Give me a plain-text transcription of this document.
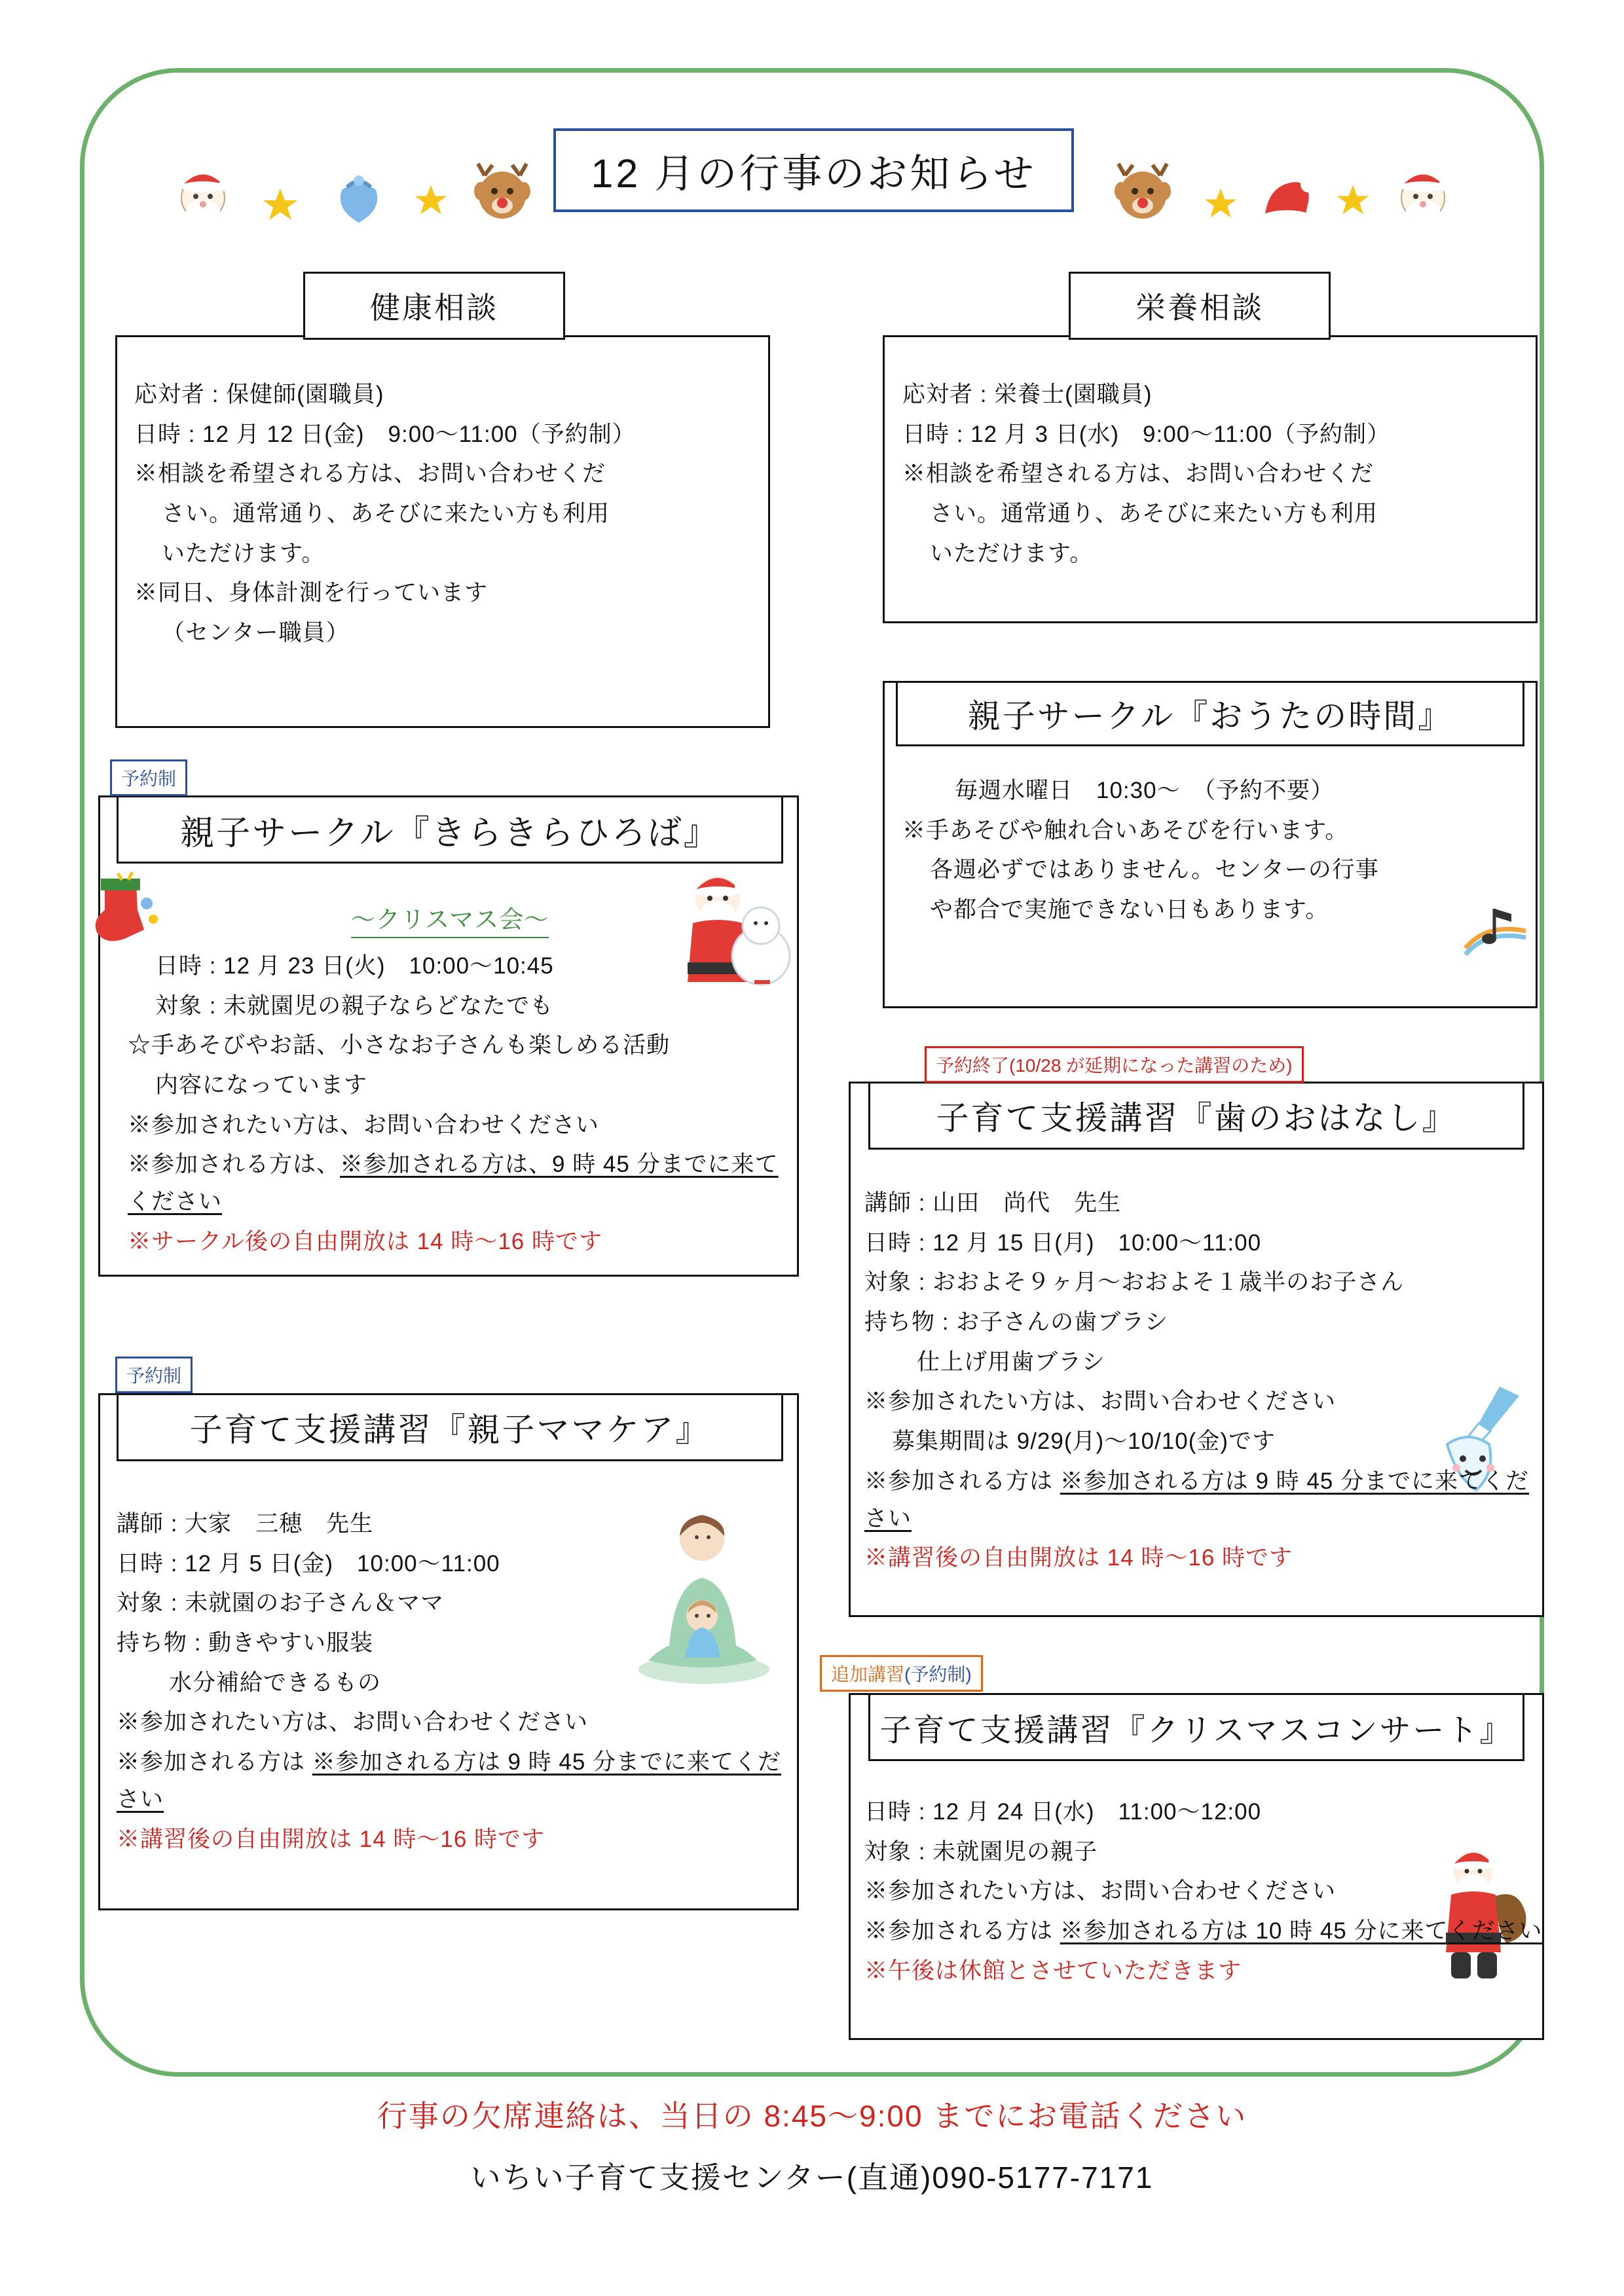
12 月の行事のお知らせ
健康相談

応対者 : 保健師(園職員)

日時 : 12 月 12 日(金)　9:00～11:00（予約制）

※相談を希望される方は、お問い合わせくだ

さい。通常通り、あそびに来たい方も利用

いただけます。

※同日、身体計測を行っています

（センター職員）

栄養相談

応対者 : 栄養士(園職員)

日時 : 12 月 3 日(水)　9:00～11:00（予約制）

※相談を希望される方は、お問い合わせくだ

さい。通常通り、あそびに来たい方も利用

いただけます。

親子サークル『おうたの時間』

毎週水曜日　10:30～　（予約不要）

※手あそびや触れ合いあそびを行います。

各週必ずではありません。センターの行事

や都合で実施できない日もあります。

予約制
親子サークル『きらきらひろば』
～クリスマス会～

日時 : 12 月 23 日(火)　10:00～10:45

対象 : 未就園児の親子ならどなたでも

☆手あそびやお話、小さなお子さんも楽しめる活動

内容になっています

※参加されたい方は、お問い合わせください

※参加される方は、※参加される方は、9 時 45 分までに来てください

※サークル後の自由開放は 14 時～16 時です

予約終了(10/28 が延期になった講習のため)
子育て支援講習『歯のおはなし』

講師 : 山田　尚代　先生

日時 : 12 月 15 日(月)　10:00～11:00

対象 : おおよそ９ヶ月～おおよそ１歳半のお子さん

持ち物 : お子さんの歯ブラシ

仕上げ用歯ブラシ

※参加されたい方は、お問い合わせください

募集期間は 9/29(月)～10/10(金)です

※参加される方は ※参加される方は 9 時 45 分までに来てください

※講習後の自由開放は 14 時～16 時です

予約制
子育て支援講習『親子ママケア』

講師 : 大家　三穂　先生

日時 : 12 月 5 日(金)　10:00～11:00

対象 : 未就園のお子さん＆ママ

持ち物 : 動きやすい服装

水分補給できるもの

※参加されたい方は、お問い合わせください

※参加される方は ※参加される方は 9 時 45 分までに来てください

※講習後の自由開放は 14 時～16 時です

追加講習(予約制)
子育て支援講習『クリスマスコンサート』

日時 : 12 月 24 日(水)　11:00～12:00

対象 : 未就園児の親子

※参加されたい方は、お問い合わせください

※参加される方は ※参加される方は 10 時 45 分に来てください

※午後は休館とさせていただきます

行事の欠席連絡は、当日の 8:45～9:00 までにお電話ください
いちい子育て支援センター(直通)090-5177-7171
